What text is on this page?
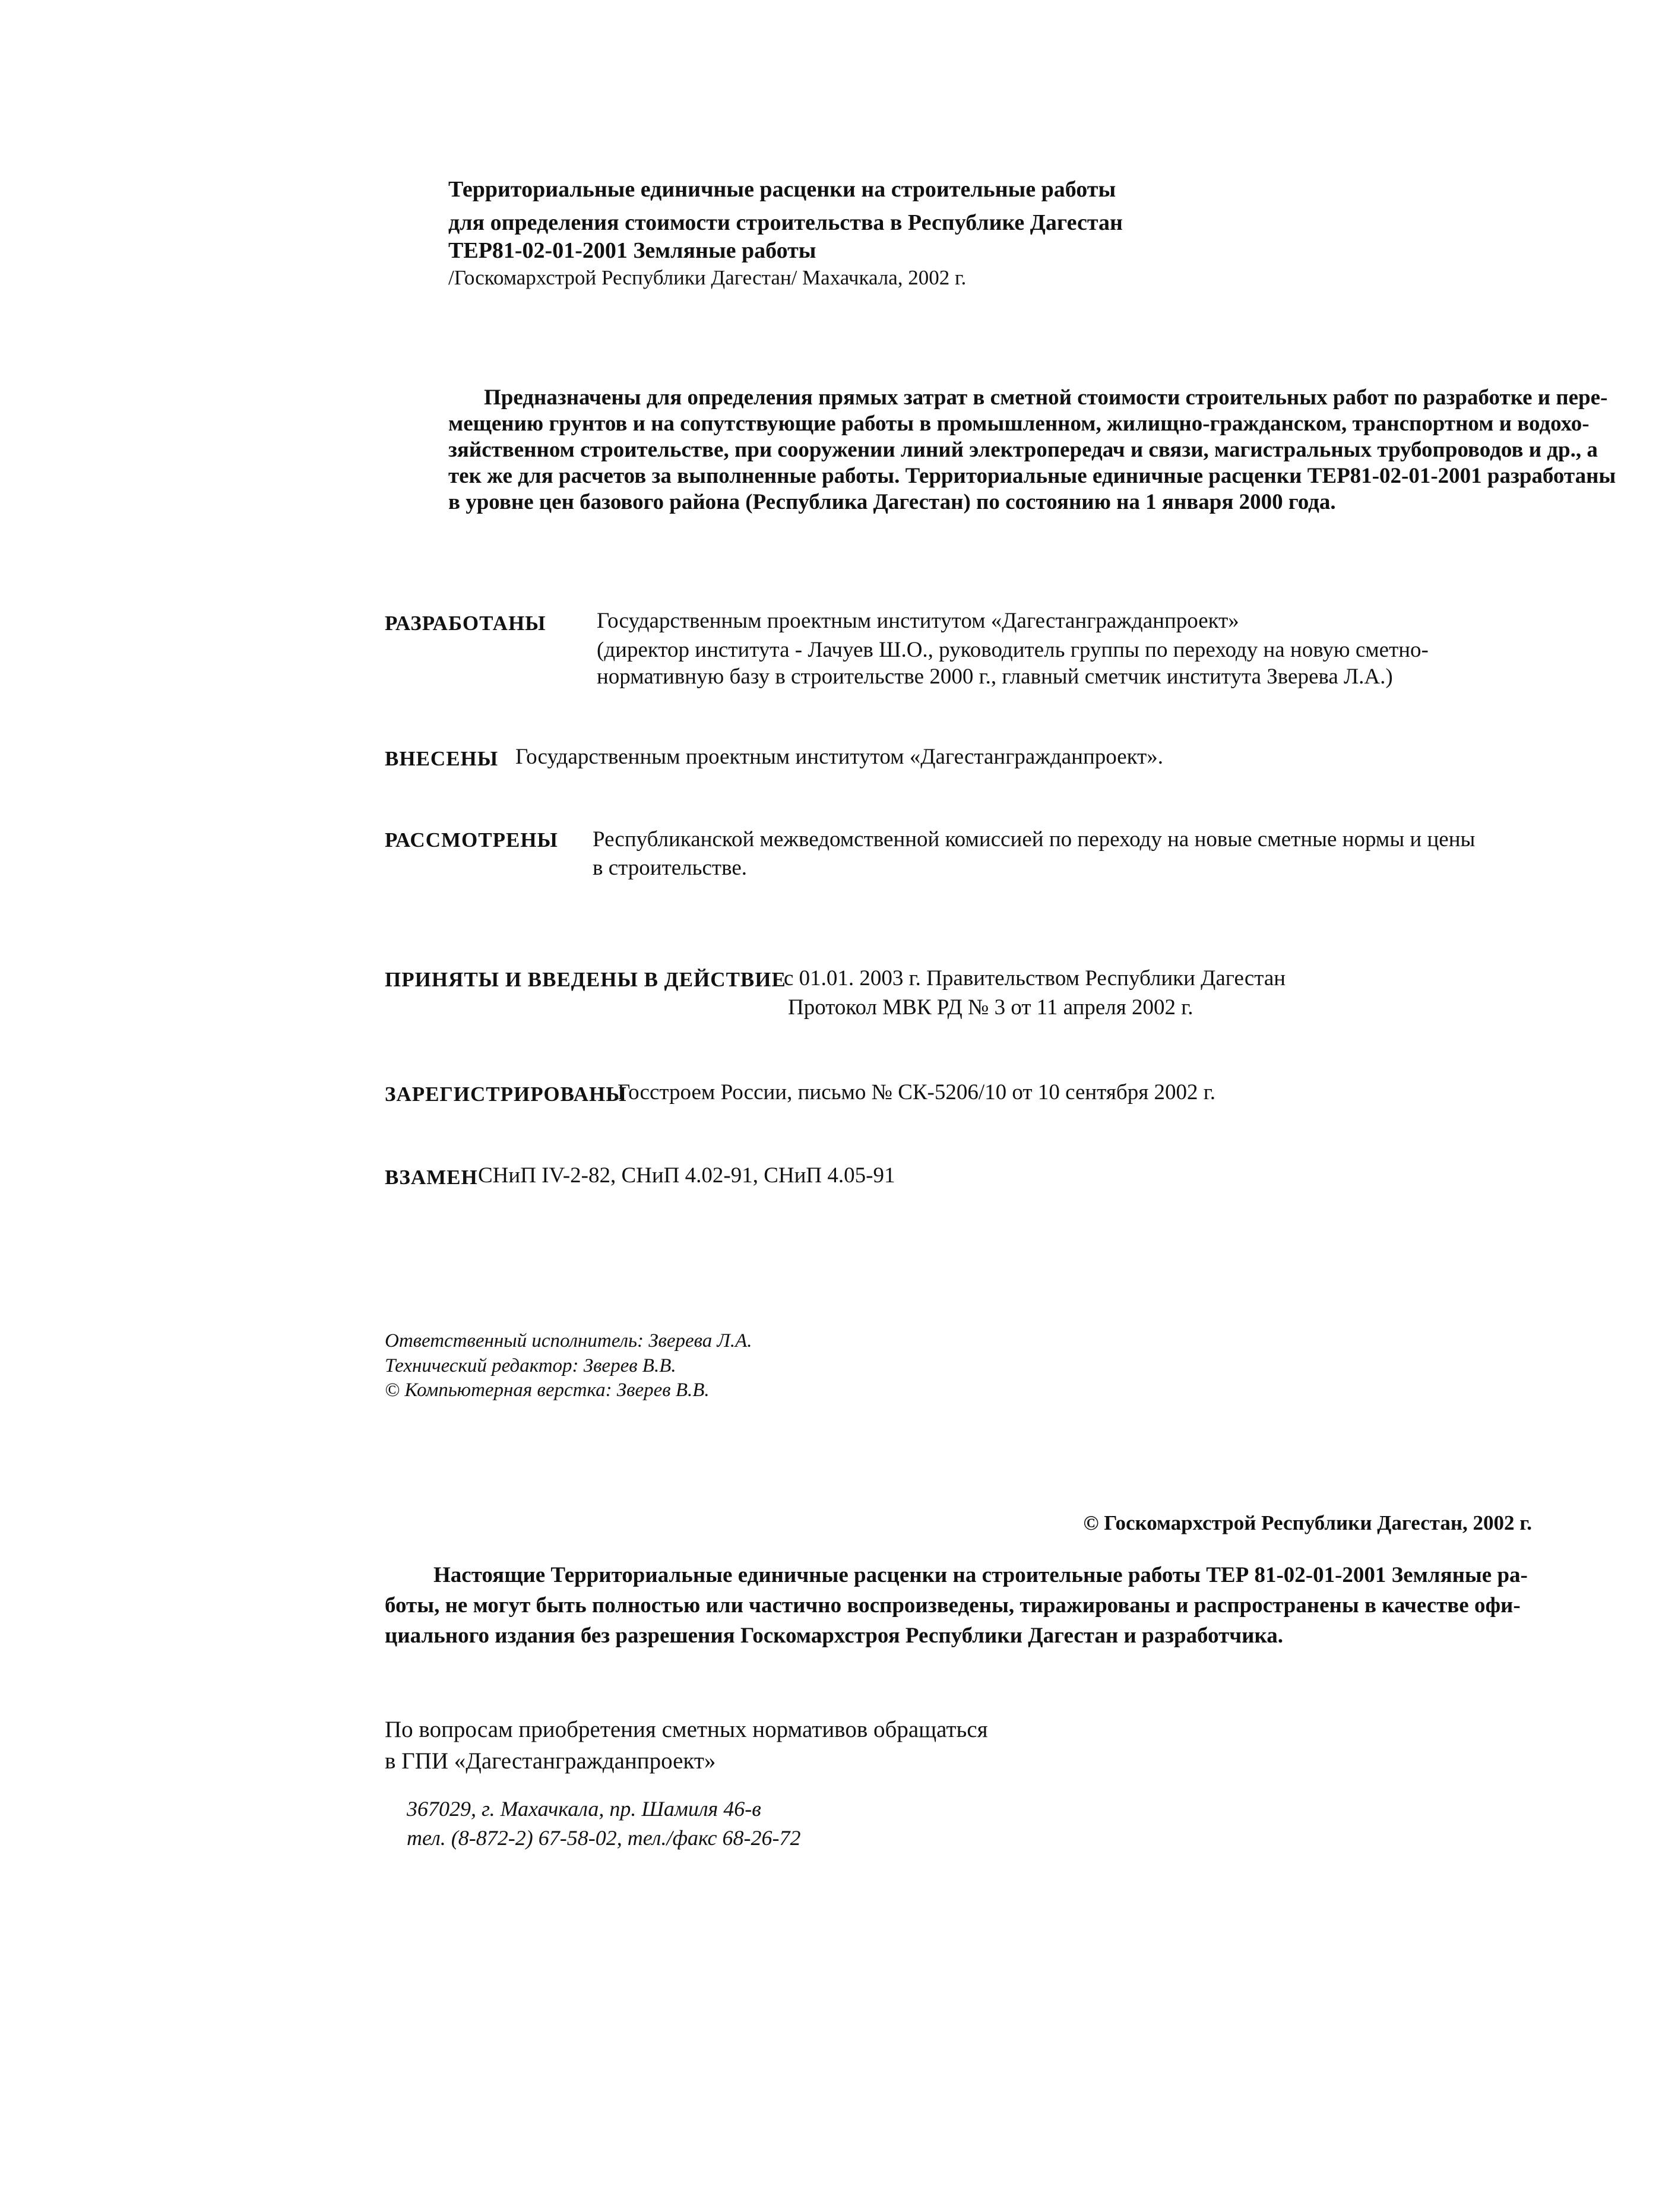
Территориальные единичные расценки на строительные работы
для определения стоимости строительства в Республике Дагестан
ТЕР81-02-01-2001 Земляные работы
/Госкомархстрой Республики Дагестан/ Махачкала, 2002 г.

Предназначены для определения прямых затрат в сметной стоимости строительных работ по разработке и пере-

мещению грунтов и на сопутствующие работы в промышленном, жилищно-гражданском, транспортном и водохо-

зяйственном строительстве, при сооружении линий электропередач и связи, магистральных трубопроводов и др., а

тек же для расчетов за выполненные работы. Территориальные единичные расценки ТЕР81-02-01-2001 разработаны

в уровне цен базового района (Республика Дагестан) по состоянию на 1 января 2000 года.

РАЗРАБОТАНЫ Государственным проектным институтом «Дагестангражданпроект»
(директор института - Лачуев Ш.О., руководитель группы по переходу на новую сметно-
нормативную базу в строительстве 2000 г., главный сметчик института Зверева Л.А.)
ВНЕСЕНЫ Государственным проектным институтом «Дагестангражданпроект».
РАССМОТРЕНЫ Республиканской межведомственной комиссией по переходу на новые сметные нормы и цены
в строительстве.
ПРИНЯТЫ И ВВЕДЕНЫ В ДЕЙСТВИЕ
с 01.01. 2003 г. Правительством Республики Дагестан
Протокол МВК РД № 3 от 11 апреля 2002 г.
ЗАРЕГИСТРИРОВАНЫ
Госстроем России, письмо № СК-5206/10 от 10 сентября 2002 г.
ВЗАМЕН СНиП IV-2-82, СНиП 4.02-91, СНиП 4.05-91
Ответственный исполнитель: Зверева Л.А.
Технический редактор: Зверев В.В.
© Компьютерная верстка: Зверев В.В.
© Госкомархстрой Республики Дагестан, 2002 г.

Настоящие Территориальные единичные расценки на строительные работы ТЕР 81-02-01-2001 Земляные ра-

боты, не могут быть полностью или частично воспроизведены, тиражированы и распространены в качестве офи-

циального издания без разрешения Госкомархстроя Республики Дагестан и разработчика.

По вопросам приобретения сметных нормативов обращаться
в ГПИ «Дагестангражданпроект»
367029, г. Махачкала, пр. Шамиля 46-в
тел. (8-872-2) 67-58-02, тел./факс 68-26-72
